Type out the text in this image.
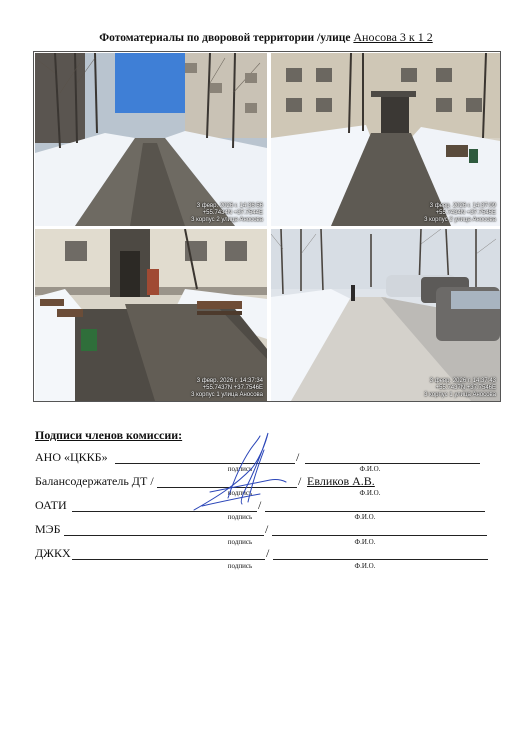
Фотоматериалы по дворовой территории /улице Аносова 3 к 1 2
3 февр. 2026 г. 14:36:56
+55.7434N +37.7544E
3 корпус 2 улица Аносова
3 февр. 2026 г. 14:37:09
+55.7434N +37.7545E
3 корпус 2 улица Аносова
3 февр. 2026 г. 14:37:34
+55.7437N +37.7546E
3 корпус 1 улица Аносова
3 февр. 2026 г. 14:37:43
+55.7437N +37.7546E
3 корпус 1 улица Аносова
Подписи членов комиссии:
АНО «ЦККБ»	/
подпись	Ф.И.О.
Балансодержатель ДТ /	/ Евликов А.В.
подпись	Ф.И.О.
ОАТИ	/
подпись	Ф.И.О.
МЭБ	/
подпись	Ф.И.О.
ДЖКХ	/
подпись	Ф.И.О.
